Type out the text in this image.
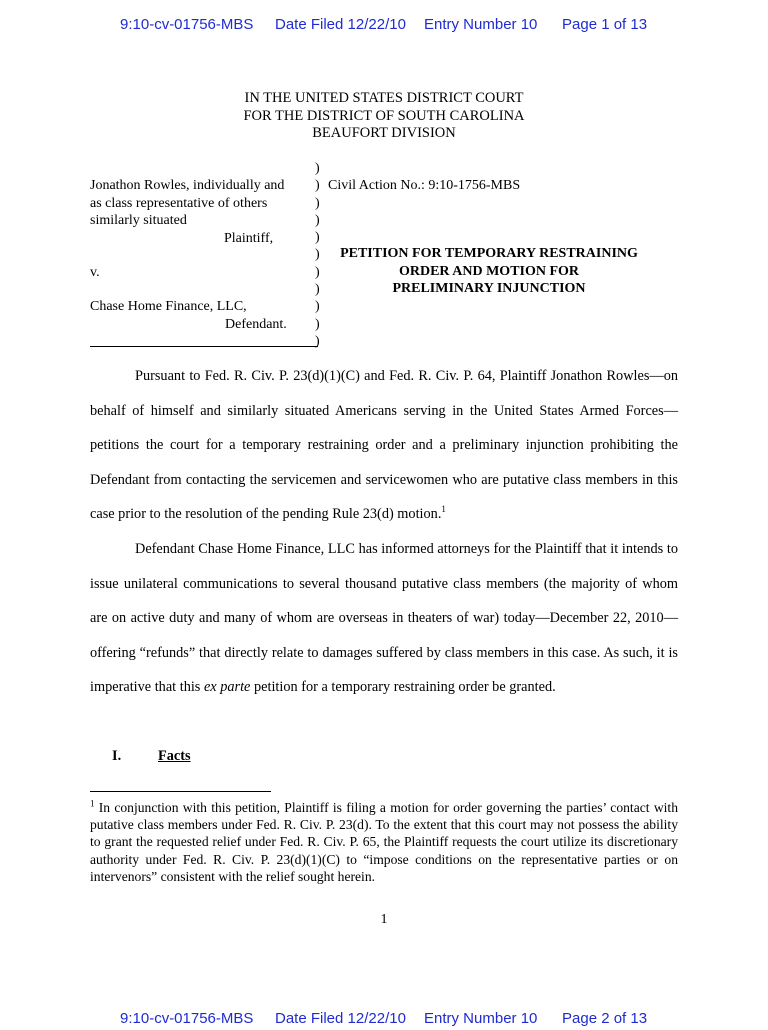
9:10-cv-01756-MBS Date Filed 12/22/10 Entry Number 10 Page 1 of 13
IN THE UNITED STATES DISTRICT COURT
FOR THE DISTRICT OF SOUTH CAROLINA
BEAUFORT DIVISION
Jonathon Rowles, individually and
as class representative of others
similarly situated
Plaintiff,
v.
Chase Home Finance, LLC,
Defendant.
)
)
)
)
)
)
)
)
)
)
)
Civil Action No.: 9:10-1756-MBS
PETITION FOR TEMPORARY RESTRAINING
ORDER AND MOTION FOR
PRELIMINARY INJUNCTION

Pursuant to Fed. R. Civ. P. 23(d)(1)(C) and Fed. R. Civ. P. 64, Plaintiff Jonathon Rowles—on behalf of himself and similarly situated Americans serving in the United States Armed Forces—petitions the court for a temporary restraining order and a preliminary injunction prohibiting the Defendant from contacting the servicemen and servicewomen who are putative class members in this case prior to the resolution of the pending Rule 23(d) motion.$^1$

Defendant Chase Home Finance, LLC has informed attorneys for the Plaintiff that it intends to issue unilateral communications to several thousand putative class members (the majority of whom are on active duty and many of whom are overseas in theaters of war) today—December 22, 2010—offering “refunds” that directly relate to damages suffered by class members in this case. As such, it is imperative that this ex parte petition for a temporary restraining order be granted.

I.	Facts
$^1$ In conjunction with this petition, Plaintiff is filing a motion for order governing the parties’ contact with putative class members under Fed. R. Civ. P. 23(d). To the extent that this court may not possess the ability to grant the requested relief under Fed. R. Civ. P. 65, the Plaintiff requests the court utilize its discretionary authority under Fed. R. Civ. P. 23(d)(1)(C) to “impose conditions on the representative parties or on intervenors” consistent with the relief sought herein.
1
9:10-cv-01756-MBS Date Filed 12/22/10 Entry Number 10 Page 2 of 13
